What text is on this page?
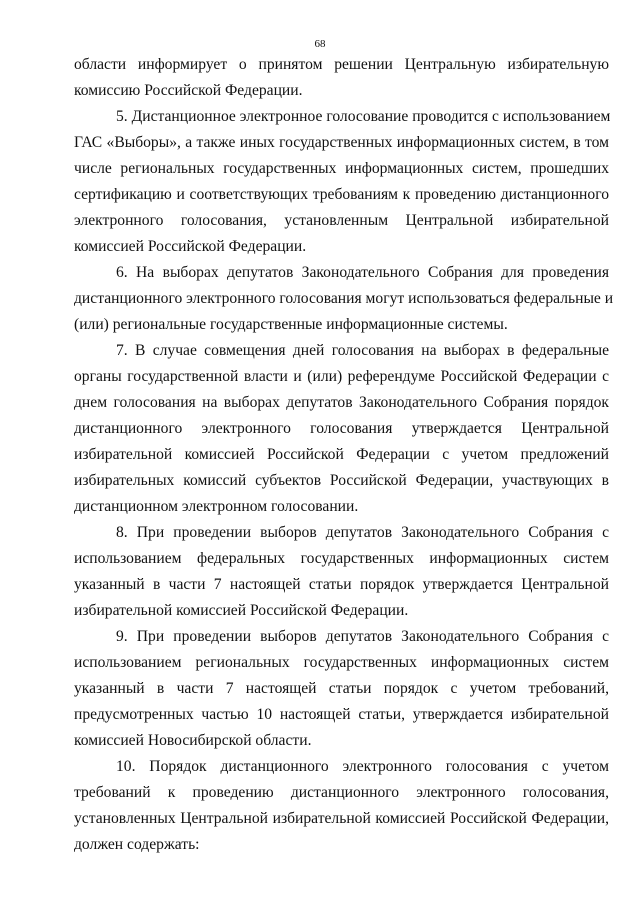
68
области информирует о принятом решении Центральную избирательную
комиссию Российской Федерации.
5. Дистанционное электронное голосование проводится с использованием
ГАС «Выборы», а также иных государственных информационных систем, в том
числе региональных государственных информационных систем, прошедших
сертификацию и соответствующих требованиям к проведению дистанционного
электронного голосования, установленным Центральной избирательной
комиссией Российской Федерации.
6. На выборах депутатов Законодательного Собрания для проведения
дистанционного электронного голосования могут использоваться федеральные и
(или) региональные государственные информационные системы.
7. В случае совмещения дней голосования на выборах в федеральные
органы государственной власти и (или) референдуме Российской Федерации с
днем голосования на выборах депутатов Законодательного Собрания порядок
дистанционного электронного голосования утверждается Центральной
избирательной комиссией Российской Федерации с учетом предложений
избирательных комиссий субъектов Российской Федерации, участвующих в
дистанционном электронном голосовании.
8. При проведении выборов депутатов Законодательного Собрания с
использованием федеральных государственных информационных систем
указанный в части 7 настоящей статьи порядок утверждается Центральной
избирательной комиссией Российской Федерации.
9. При проведении выборов депутатов Законодательного Собрания с
использованием региональных государственных информационных систем
указанный в части 7 настоящей статьи порядок с учетом требований,
предусмотренных частью 10 настоящей статьи, утверждается избирательной
комиссией Новосибирской области.
10. Порядок дистанционного электронного голосования с учетом
требований к проведению дистанционного электронного голосования,
установленных Центральной избирательной комиссией Российской Федерации,
должен содержать:
